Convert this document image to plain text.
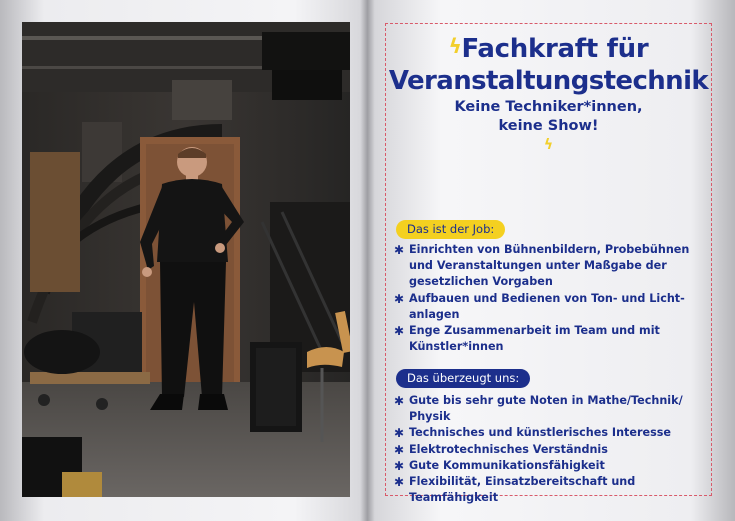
ϟFachkraft für
Veranstaltungstechnik
Keine Techniker*innen,
keine Show!
ϟ
Das ist der Job:
✱ Einrichten von Bühnenbildern, Probebühnen und Veranstaltungen unter Maßgabe der gesetzlichen Vorgaben
✱ Aufbauen und Bedienen von Ton- und Licht-anlagen
✱ Enge Zusammenarbeit im Team und mit Künstler*innen
Das überzeugt uns:
✱ Gute bis sehr gute Noten in Mathe/Technik/ Physik
✱ Technisches und künstlerisches Interesse
✱ Elektrotechnisches Verständnis
✱ Gute Kommunikationsfähigkeit
✱ Flexibilität, Einsatzbereitschaft und Teamfähigkeit
